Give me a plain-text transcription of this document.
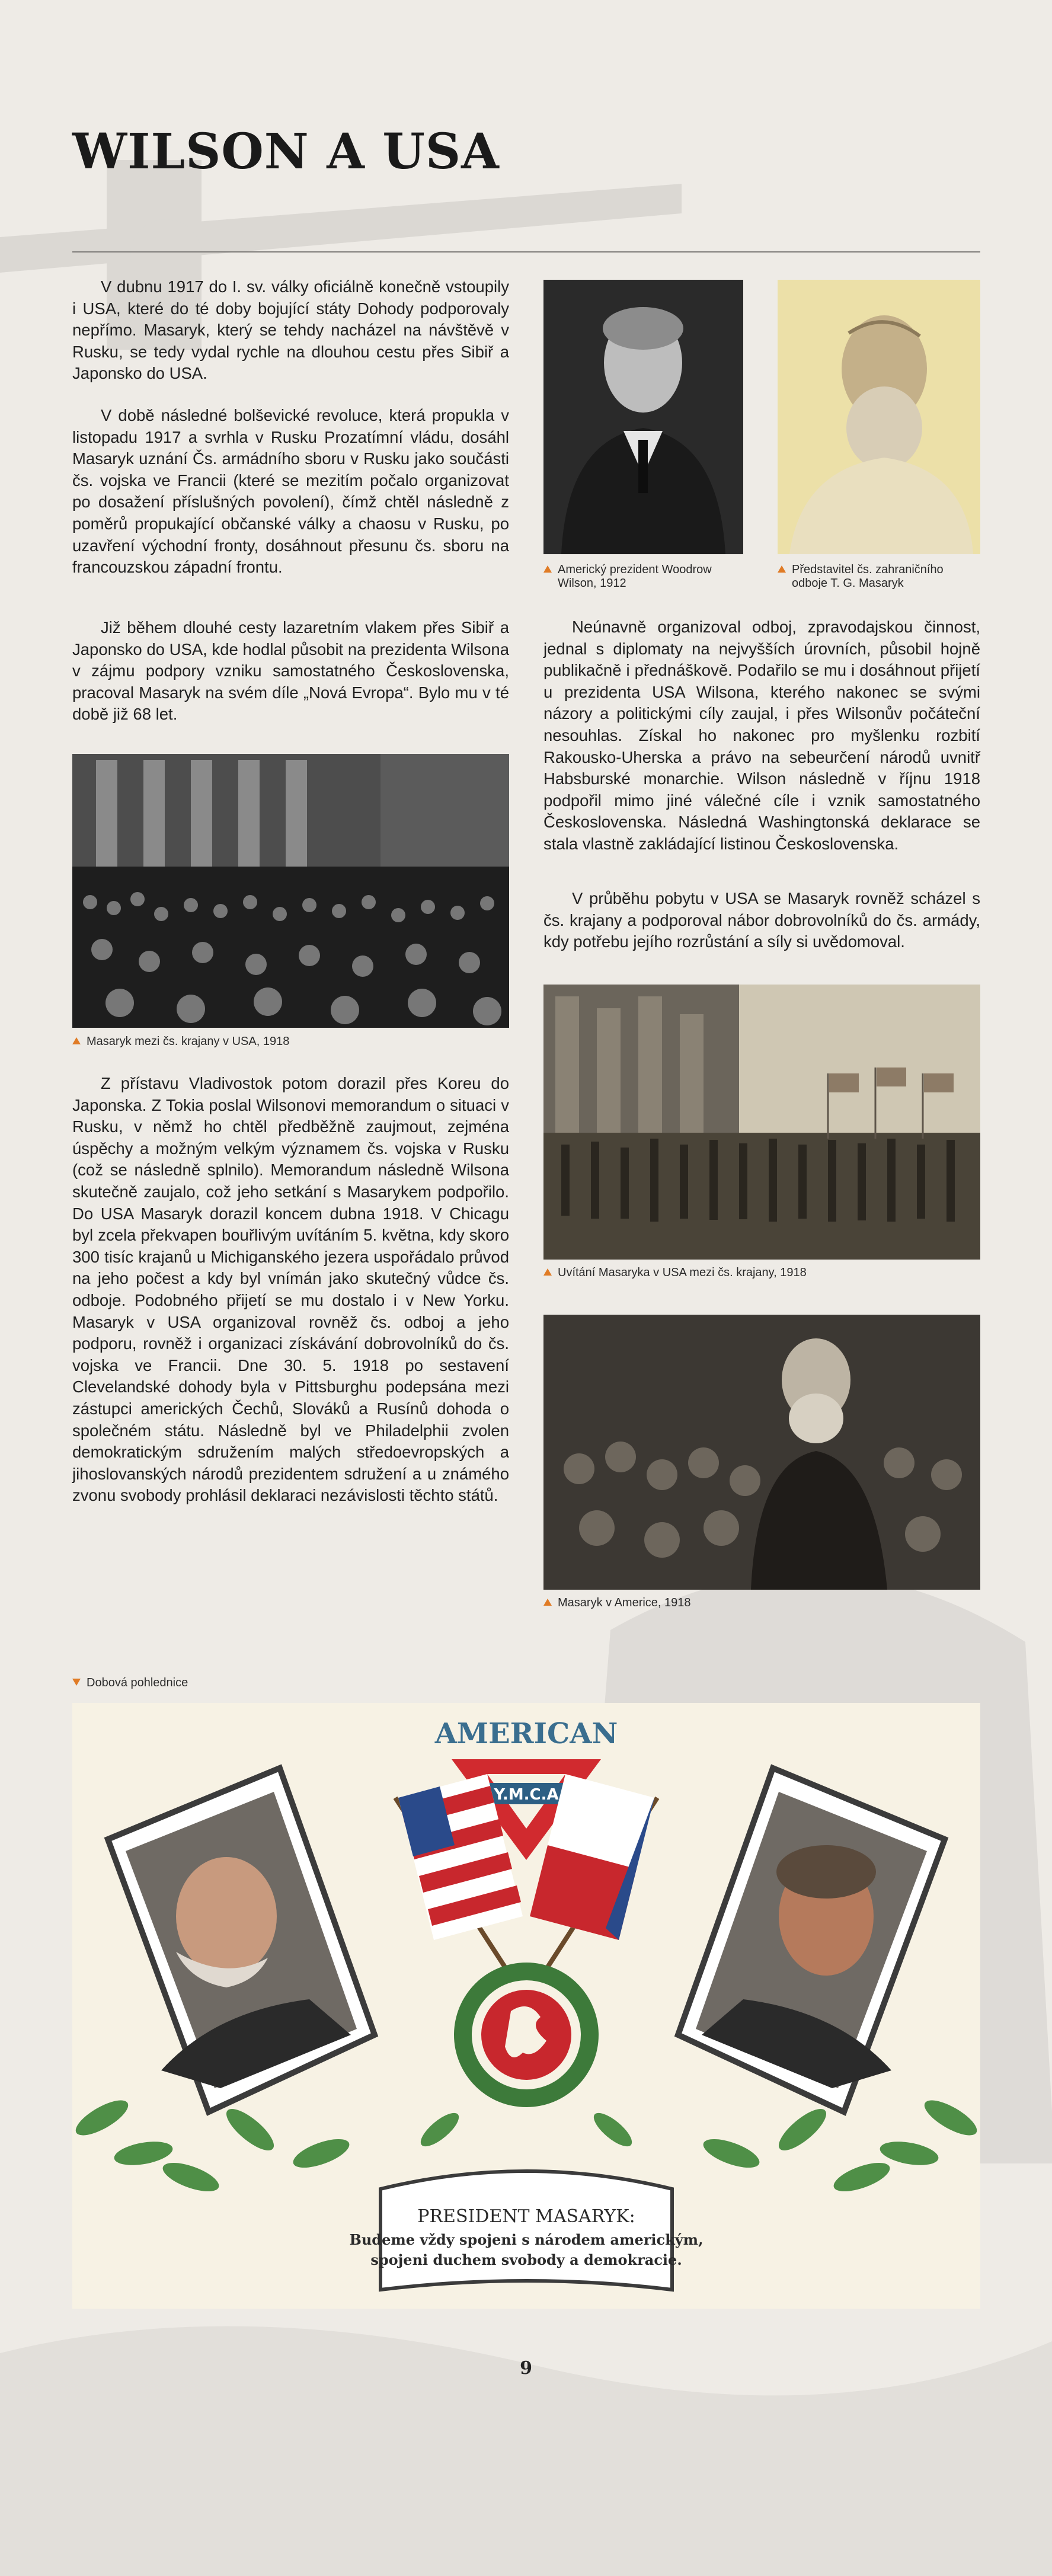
WILSON A USA

V dubnu 1917 do I. sv. války oficiálně konečně vstoupily i USA, které do té doby bojující státy Dohody podporovaly nepřímo. Masaryk, který se tehdy nacházel na návštěvě v Rusku, se tedy vydal rychle na dlouhou cestu přes Sibiř a Japonsko do USA.

V době následné bolševické revoluce, která propukla v listopadu 1917 a svrhla v Rusku Prozatímní vládu, dosáhl Masaryk uznání Čs. armádního sboru v Rusku jako součásti čs. vojska ve Francii (které se mezitím počalo organizovat po dosažení příslušných povolení), čímž chtěl následně z poměrů propukající občanské války a chaosu v Rusku, po uzavření východní fronty, dosáhnout přesunu čs. sboru na francouzskou západní frontu.

Již během dlouhé cesty lazaretním vlakem přes Sibiř a Japonsko do USA, kde hodlal působit na prezidenta Wilsona v zájmu podpory vzniku samostatného Československa, pracoval Masaryk na svém díle „Nová Evropa“. Bylo mu v té době již 68 let.

Masaryk mezi čs. krajany v USA, 1918

Z přístavu Vladivostok potom dorazil přes Koreu do Japonska. Z Tokia poslal Wilsonovi memorandum o situaci v Rusku, v němž ho chtěl předběžně zaujmout, zejména úspěchy a možným velkým významem čs. vojska v Rusku (což se následně splnilo). Memorandum následně Wilsona skutečně zaujalo, což jeho setkání s Masarykem podpořilo. Do USA Masaryk dorazil koncem dubna 1918. V Chicagu byl zcela překvapen bouřlivým uvítáním 5. května, kdy skoro 300 tisíc krajanů u Michiganského jezera uspořádalo průvod na jeho počest a kdy byl vnímán jako skutečný vůdce čs. odboje. Podobného přijetí se mu dostalo i v New Yorku. Masaryk v USA organizoval rovněž čs. odboj a jeho podporu, rovněž i organizaci získávání dobrovolníků do čs. vojska ve Francii. Dne 30. 5. 1918 po sestavení Clevelandské dohody byla v Pittsburghu podepsána mezi zástupci amerických Čechů, Slováků a Rusínů dohoda o společném státu. Následně byl ve Philadelphii zvolen demokratickým sdružením malých středoevropských a jihoslovanských národů prezidentem sdružení a u známého zvonu svobody prohlásil deklaraci nezávislosti těchto států.

Americký prezident Woodrow
Wilson, 1912

Představitel čs. zahraničního
odboje T. G. Masaryk

Neúnavně organizoval odboj, zpravodajskou činnost, jednal s diplomaty na nejvyšších úrovních, působil hojně publikačně i přednáškově. Podařilo se mu i dosáhnout přijetí u prezidenta USA Wilsona, kterého nakonec se svými názory a politickými cíly zaujal, i přes Wilsonův počáteční nesouhlas. Získal ho nakonec pro myšlenku rozbití Rakousko-Uherska a právo na sebeurčení národů uvnitř Habsburské monarchie. Wilson následně v říjnu 1918 podpořil mimo jiné válečné cíle i vznik samostatného Československa. Následná Washingtonská deklarace se stala vlastně zakládající listinou Československa.

V průběhu pobytu v USA se Masaryk rovněž scházel s čs. krajany a podporoval nábor dobrovolníků do čs. armády, kdy potřebu jejího rozrůstání a síly si uvědomoval.

Uvítání Masaryka v USA mezi čs. krajany, 1918

Masaryk v Americe, 1918

Dobová pohlednice

AMERICAN
Y.M.C.A
PRESIDENT MASARYK:
Budeme vždy spojeni s národem americkým,
spojeni duchem svobody a demokracie.
9
